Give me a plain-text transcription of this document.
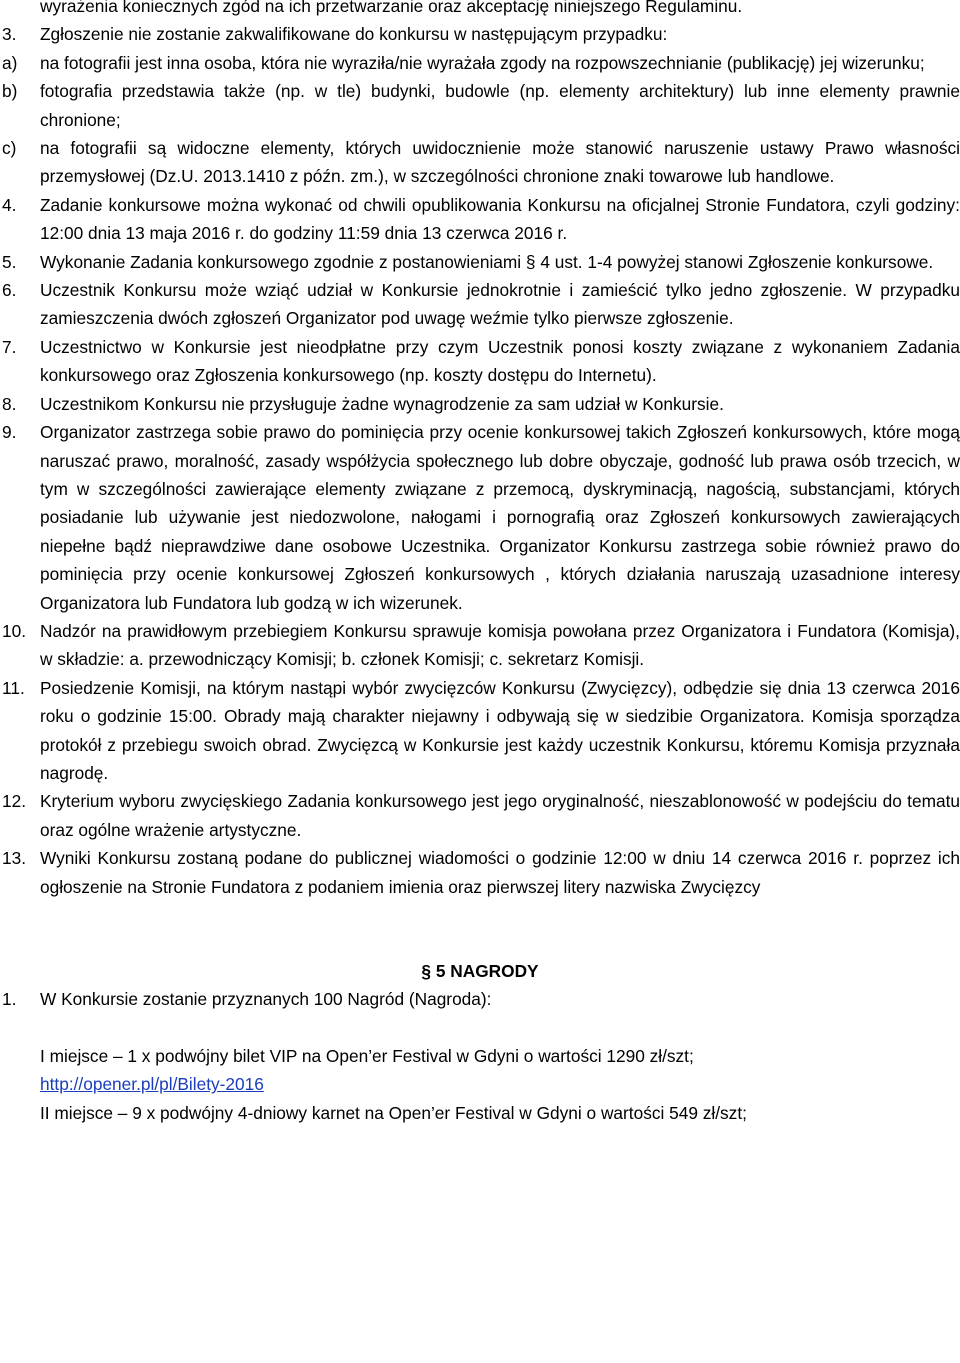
wyrażenia koniecznych zgód na ich przetwarzanie oraz akceptację niniejszego Regulaminu.

3. Zgłoszenie nie zostanie zakwalifikowane do konkursu w następującym przypadku:

a) na fotografii jest inna osoba, która nie wyraziła/nie wyrażała zgody na rozpowszechnianie (publikację) jej wizerunku;

b) fotografia przedstawia także (np. w tle) budynki, budowle (np. elementy architektury) lub inne elementy prawnie chronione;

c) na fotografii są widoczne elementy, których uwidocznienie może stanowić naruszenie ustawy Prawo własności przemysłowej (Dz.U. 2013.1410 z późn. zm.), w szczególności chronione znaki towarowe lub handlowe.

4. Zadanie konkursowe można wykonać od chwili opublikowania Konkursu na oficjalnej Stronie Fundatora, czyli godziny: 12:00 dnia 13 maja 2016 r. do godziny 11:59 dnia 13 czerwca 2016 r.

5. Wykonanie Zadania konkursowego zgodnie z postanowieniami § 4 ust. 1-4 powyżej stanowi Zgłoszenie konkursowe.

6. Uczestnik Konkursu może wziąć udział w Konkursie jednokrotnie i zamieścić tylko jedno zgłoszenie. W przypadku zamieszczenia dwóch zgłoszeń Organizator pod uwagę weźmie tylko pierwsze zgłoszenie.

7. Uczestnictwo w Konkursie jest nieodpłatne przy czym Uczestnik ponosi koszty związane z wykonaniem Zadania konkursowego oraz Zgłoszenia konkursowego (np. koszty dostępu do Internetu).

8. Uczestnikom Konkursu nie przysługuje żadne wynagrodzenie za sam udział w Konkursie.

9. Organizator zastrzega sobie prawo do pominięcia przy ocenie konkursowej takich Zgłoszeń konkursowych, które mogą naruszać prawo, moralność, zasady współżycia społecznego lub dobre obyczaje, godność lub prawa osób trzecich, w tym w szczególności zawierające elementy związane z przemocą, dyskryminacją, nagością, substancjami, których posiadanie lub używanie jest niedozwolone, nałogami i pornografią oraz Zgłoszeń konkursowych zawierających niepełne bądź nieprawdziwe dane osobowe Uczestnika. Organizator Konkursu zastrzega sobie również prawo do pominięcia przy ocenie konkursowej Zgłoszeń konkursowych , których działania naruszają uzasadnione interesy Organizatora lub Fundatora lub godzą w ich wizerunek.

10. Nadzór na prawidłowym przebiegiem Konkursu sprawuje komisja powołana przez Organizatora i Fundatora (Komisja), w składzie: a. przewodniczący Komisji; b. członek Komisji; c. sekretarz Komisji.

11. Posiedzenie Komisji, na którym nastąpi wybór zwycięzców Konkursu (Zwycięzcy), odbędzie się dnia 13 czerwca 2016 roku o godzinie 15:00. Obrady mają charakter niejawny i odbywają się w siedzibie Organizatora. Komisja sporządza protokół z przebiegu swoich obrad. Zwycięzcą w Konkursie jest każdy uczestnik Konkursu, któremu Komisja przyznała nagrodę.

12. Kryterium wyboru zwycięskiego Zadania konkursowego jest jego oryginalność, nieszablonowość w podejściu do tematu oraz ogólne wrażenie artystyczne.

13. Wyniki Konkursu zostaną podane do publicznej wiadomości o godzinie 12:00 w dniu 14 czerwca 2016 r. poprzez ich ogłoszenie na Stronie Fundatora z podaniem imienia oraz pierwszej litery nazwiska Zwycięzcy

§ 5 NAGRODY

1. W Konkursie zostanie przyznanych 100 Nagród (Nagroda):

I miejsce – 1 x podwójny bilet VIP na Open’er Festival w Gdyni o wartości 1290 zł/szt;
http://opener.pl/pl/Bilety-2016

II miejsce – 9 x podwójny 4-dniowy karnet na Open’er Festival w Gdyni o wartości 549 zł/szt;
